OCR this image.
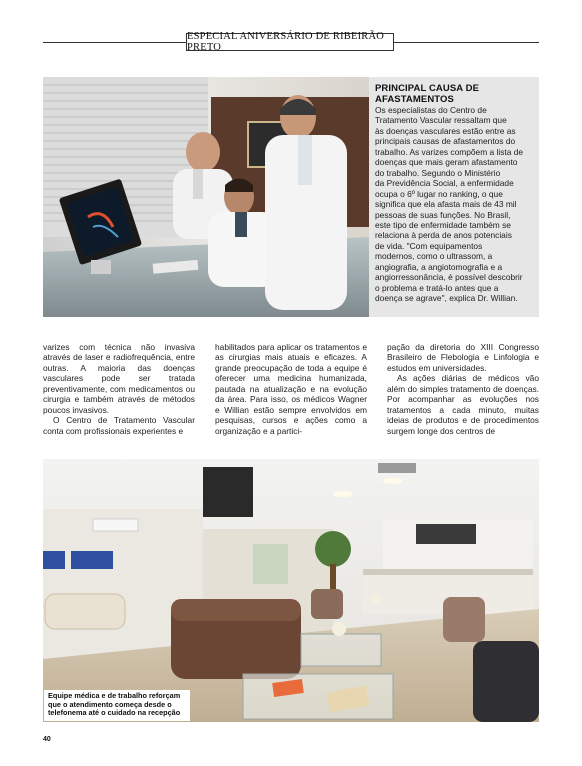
ESPECIAL ANIVERSÁRIO DE RIBEIRÃO PRETO
PRINCIPAL CAUSA DE
AFASTAMENTOS

Os especialistas do Centro de
Tratamento Vascular ressaltam que
às doenças vasculares estão entre as
principais causas de afastamentos do
trabalho. As varizes compõem a lista de
doenças que mais geram afastamento
do trabalho. Segundo o Ministério
da Previdência Social, a enfermidade
ocupa o 6º lugar no ranking, o que
significa que ela afasta mais de 43 mil
pessoas de suas funções. No Brasil,
este tipo de enfermidade também se
relaciona à perda de anos potenciais
de vida. "Com equipamentos
modernos, como o ultrassom, a
angiografia, a angiotomografia e a
angiorressonância, é possível descobrir
o problema e tratá-lo antes que a
doença se agrave", explica Dr. Willian.

varizes com técnica não invasiva através de laser e radiofrequência, entre outras. A maioria das doenças vasculares pode ser tratada preventivamente, com medicamentos ou cirurgia e também através de métodos poucos invasivos.

O Centro de Tratamento Vascular conta com profissionais experientes e

habilitados para aplicar os tratamentos e as cirurgias mais atuais e eficazes. A grande preocupação de toda a equipe é oferecer uma medicina humanizada, pautada na atualização e na evolução da área. Para isso, os médicos Wagner e Willian estão sempre envolvidos em pesquisas, cursos e ações como a organização e a partici-

pação da diretoria do XIII Congresso Brasileiro de Flebologia e Linfologia e estudos em universidades.

As ações diárias de médicos vão além do simples tratamento de doenças. Por acompanhar as evoluções nos tratamentos a cada minuto, muitas ideias de produtos e de procedimentos surgem longe dos centros de

Equipe médica e de trabalho reforçam que o atendimento começa desde o telefonema até o cuidado na recepção
40
